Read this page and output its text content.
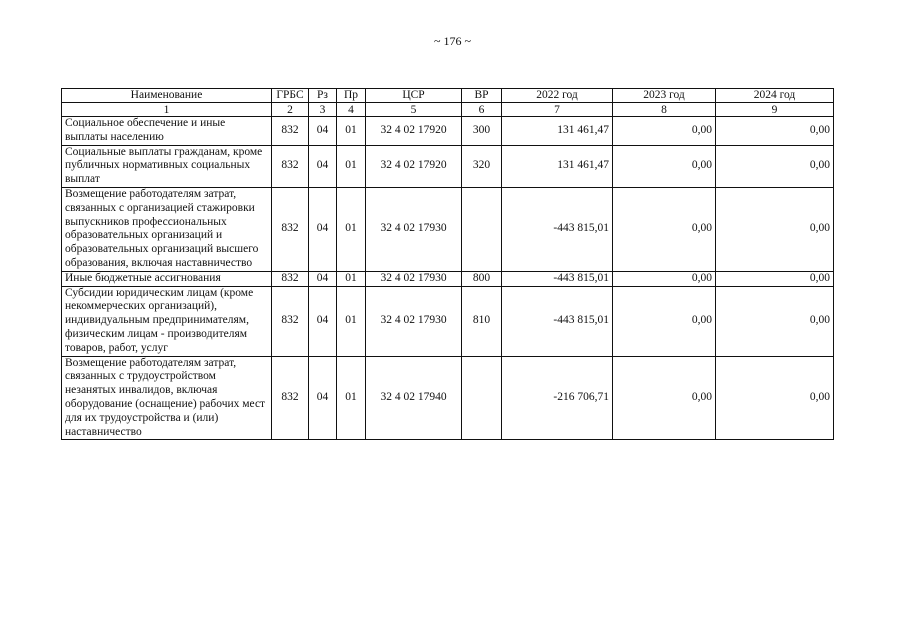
~ 176 ~
Наименование	ГРБС	Рз	Пр	ЦСР	ВР	2022 год	2023 год	2024 год
1	2	3	4	5	6	7	8	9
Социальное обеспечение и иные выплаты населению	832	04	01	32 4 02 17920	300	131 461,47	0,00	0,00
Социальные выплаты гражданам, кроме публичных нормативных социальных выплат	832	04	01	32 4 02 17920	320	131 461,47	0,00	0,00
Возмещение работодателям затрат, связанных с организацией стажировки выпускников профессиональных образовательных организаций и образовательных организаций высшего образования, включая наставничество	832	04	01	32 4 02 17930		-443 815,01	0,00	0,00
Иные бюджетные ассигнования	832	04	01	32 4 02 17930	800	-443 815,01	0,00	0,00
Субсидии юридическим лицам (кроме некоммерческих организаций), индивидуальным предпринимателям, физическим лицам - производителям товаров, работ, услуг	832	04	01	32 4 02 17930	810	-443 815,01	0,00	0,00
Возмещение работодателям затрат, связанных с трудоустройством незанятых инвалидов, включая оборудование (оснащение) рабочих мест для их трудоустройства и (или) наставничество	832	04	01	32 4 02 17940		-216 706,71	0,00	0,00
